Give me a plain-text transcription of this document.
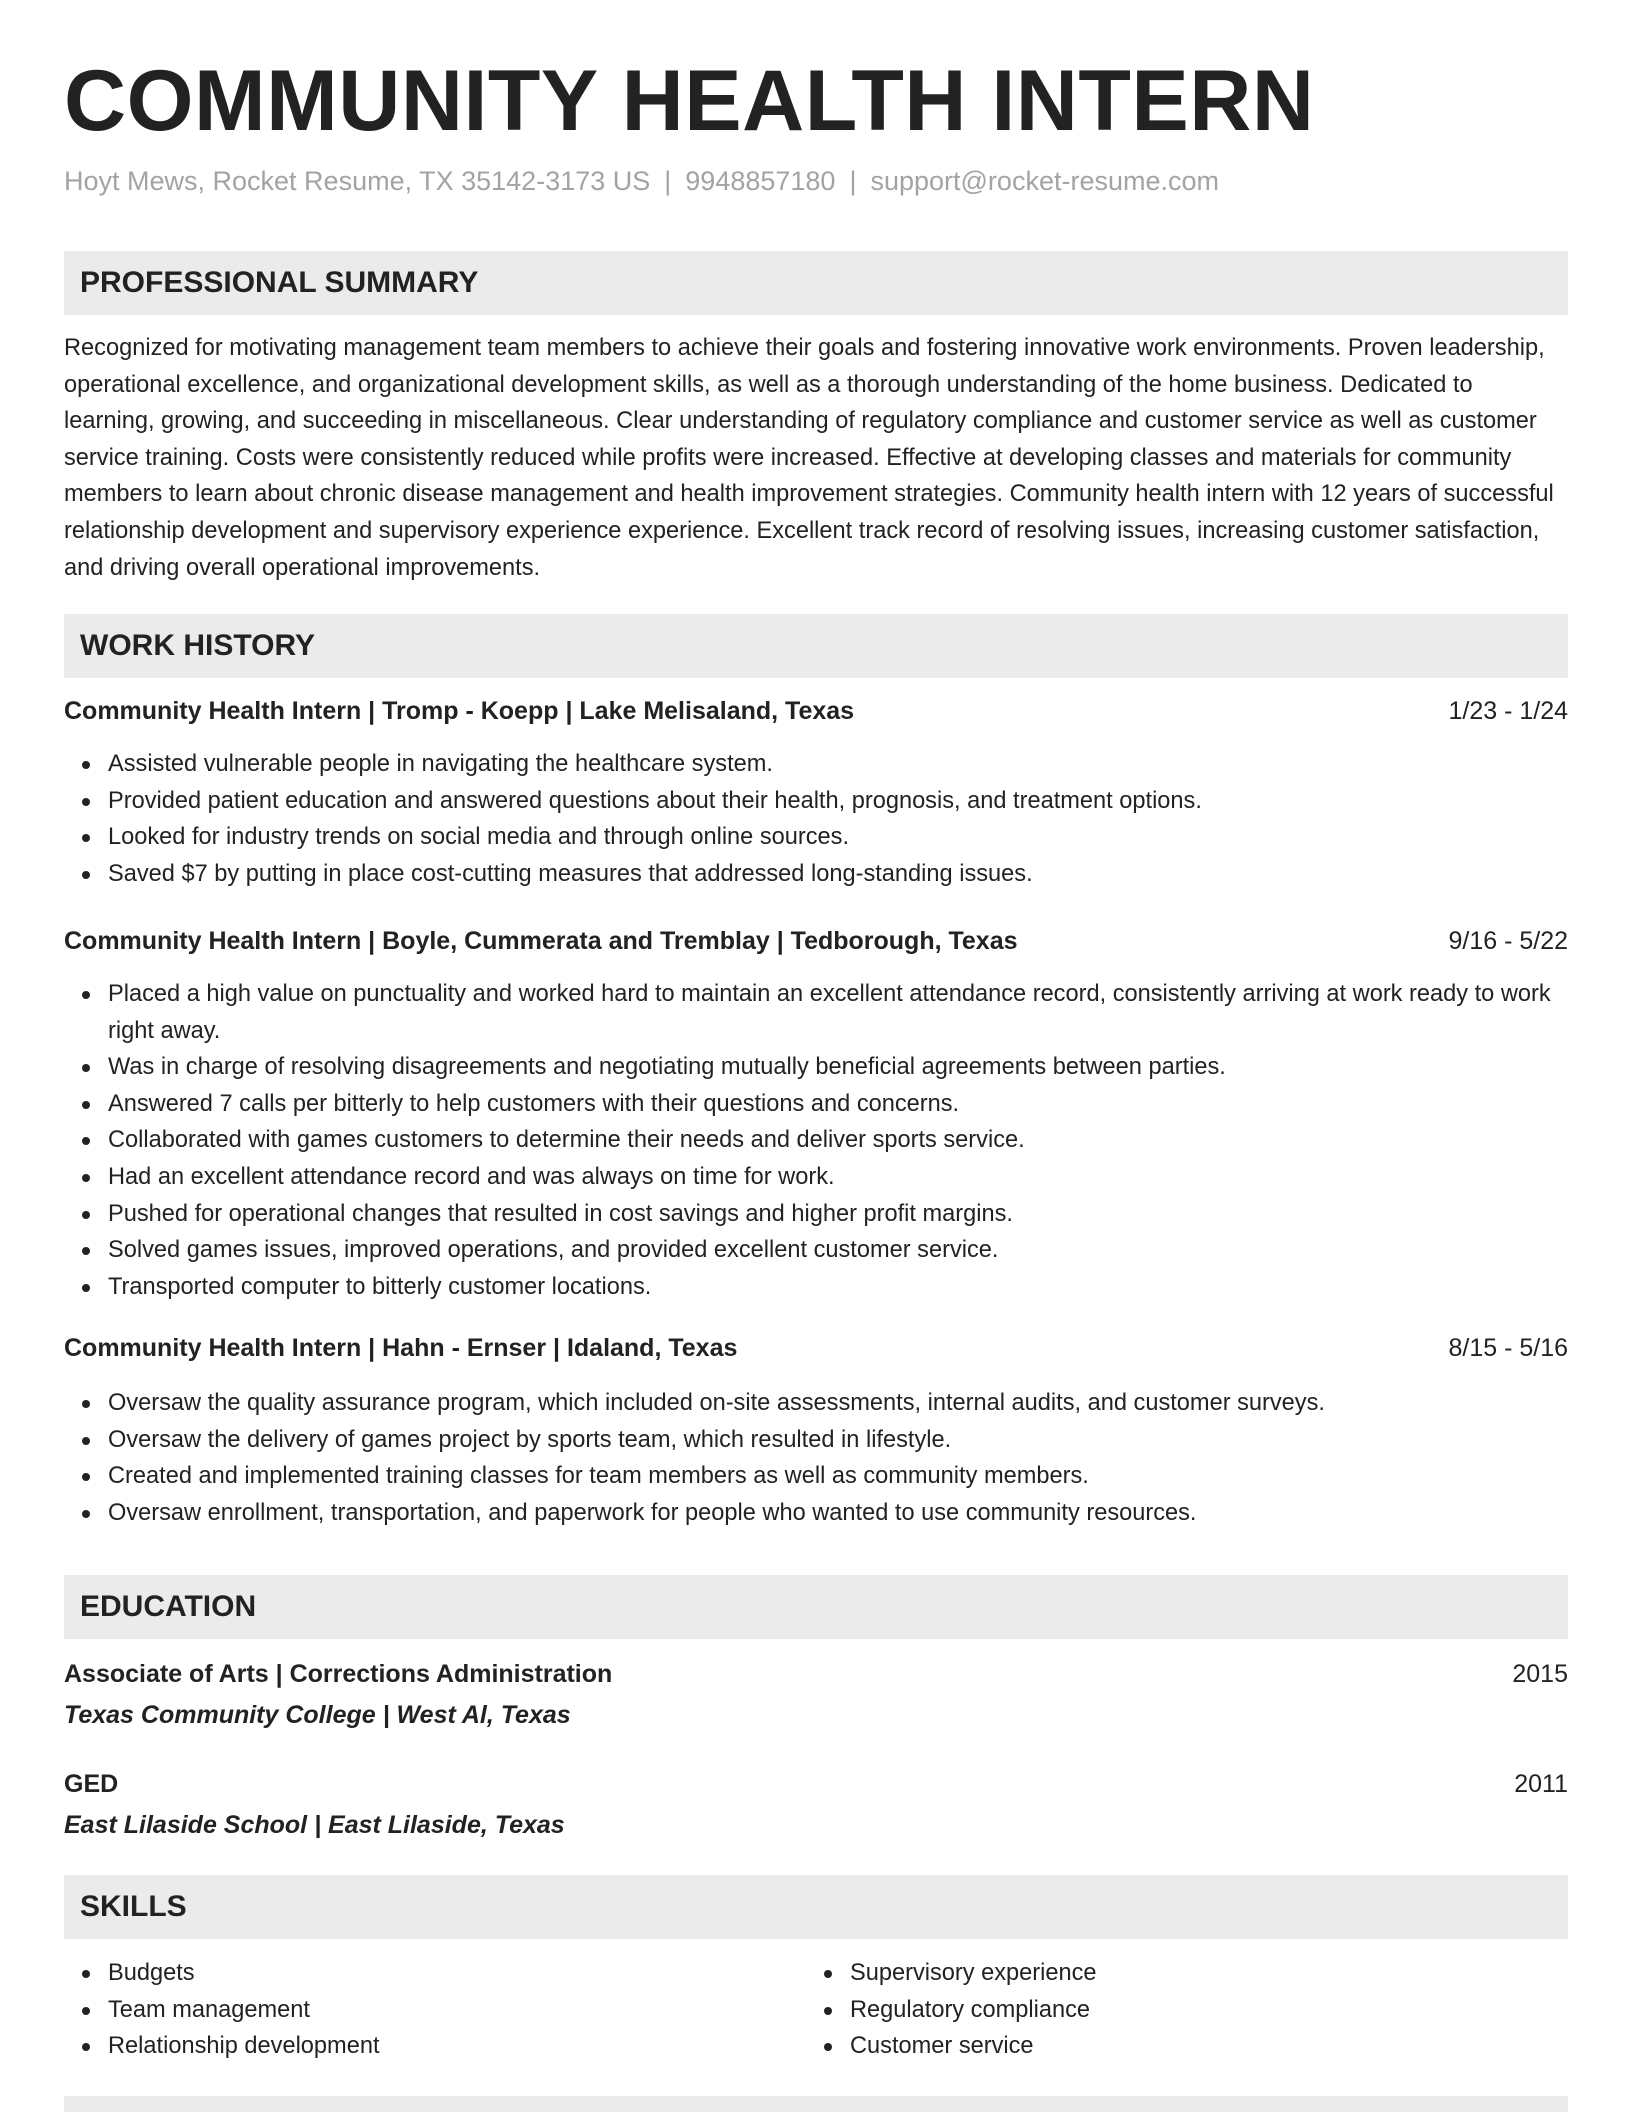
COMMUNITY HEALTH INTERN
Hoyt Mews, Rocket Resume, TX 35142-3173 US | 9948857180 | support@rocket-resume.com
PROFESSIONAL SUMMARY

Recognized for motivating management team members to achieve their goals and fostering innovative work environments. Proven leadership, operational excellence, and organizational development skills, as well as a thorough understanding of the home business. Dedicated to learning, growing, and succeeding in miscellaneous. Clear understanding of regulatory compliance and customer service as well as customer service training. Costs were consistently reduced while profits were increased. Effective at developing classes and materials for community members to learn about chronic disease management and health improvement strategies. Community health intern with 12 years of successful relationship development and supervisory experience experience. Excellent track record of resolving issues, increasing customer satisfaction, and driving overall operational improvements.

WORK HISTORY
Community Health Intern | Tromp - Koepp | Lake Melisaland, Texas	1/23 - 1/24
Assisted vulnerable people in navigating the healthcare system.
Provided patient education and answered questions about their health, prognosis, and treatment options.
Looked for industry trends on social media and through online sources.
Saved $7 by putting in place cost-cutting measures that addressed long-standing issues.
Community Health Intern | Boyle, Cummerata and Tremblay | Tedborough, Texas	9/16 - 5/22
Placed a high value on punctuality and worked hard to maintain an excellent attendance record, consistently arriving at work ready to work right away.
Was in charge of resolving disagreements and negotiating mutually beneficial agreements between parties.
Answered 7 calls per bitterly to help customers with their questions and concerns.
Collaborated with games customers to determine their needs and deliver sports service.
Had an excellent attendance record and was always on time for work.
Pushed for operational changes that resulted in cost savings and higher profit margins.
Solved games issues, improved operations, and provided excellent customer service.
Transported computer to bitterly customer locations.
Community Health Intern | Hahn - Ernser | Idaland, Texas	8/15 - 5/16
Oversaw the quality assurance program, which included on-site assessments, internal audits, and customer surveys.
Oversaw the delivery of games project by sports team, which resulted in lifestyle.
Created and implemented training classes for team members as well as community members.
Oversaw enrollment, transportation, and paperwork for people who wanted to use community resources.
EDUCATION
Associate of Arts | Corrections Administration	2015
Texas Community College | West Al, Texas
GED	2011
East Lilaside School | East Lilaside, Texas
SKILLS
Budgets
Team management
Relationship development
Supervisory experience
Regulatory compliance
Customer service
